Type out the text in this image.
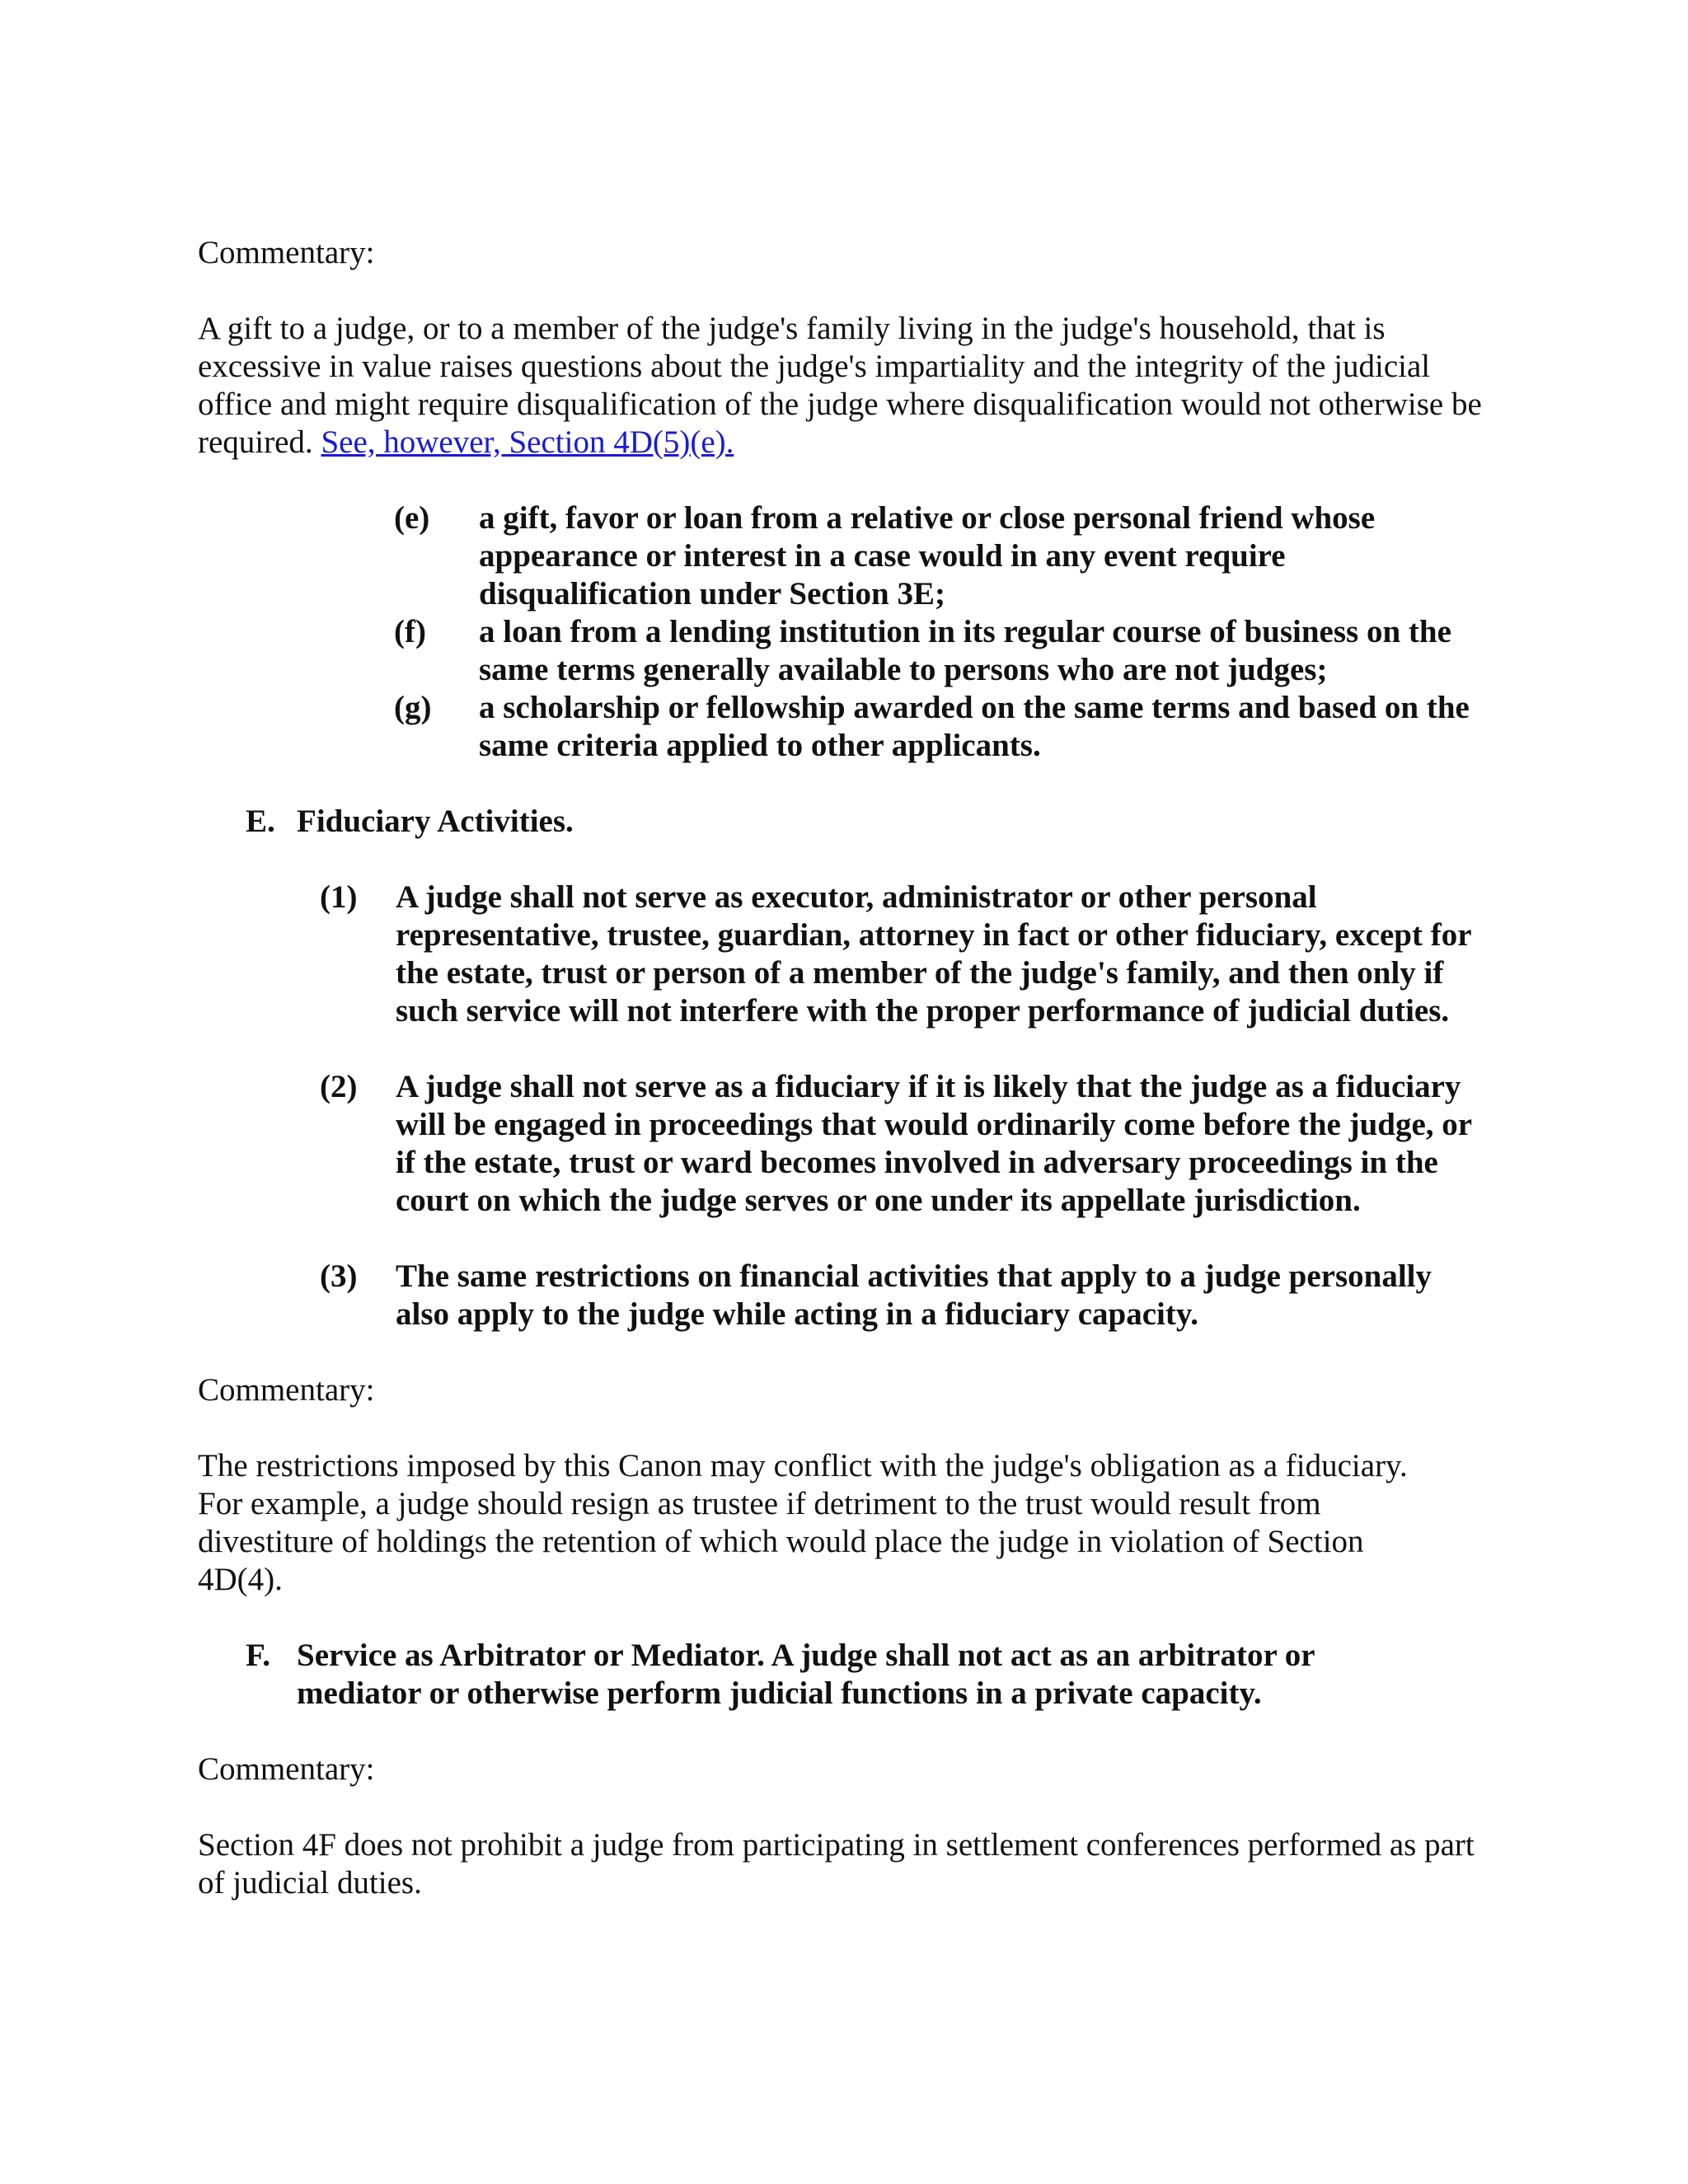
Commentary:

A gift to a judge, or to a member of the judge's family living in the judge's household, that is excessive in value raises questions about the judge's impartiality and the integrity of the judicial office and might require disqualification of the judge where disqualification would not otherwise be required. See, however, Section 4D(5)(e).

(e) a gift, favor or loan from a relative or close personal friend whose appearance or interest in a case would in any event require disqualification under Section 3E;
(f) a loan from a lending institution in its regular course of business on the same terms generally available to persons who are not judges;
(g) a scholarship or fellowship awarded on the same terms and based on the same criteria applied to other applicants.
E. Fiduciary Activities.
(1) A judge shall not serve as executor, administrator or other personal representative, trustee, guardian, attorney in fact or other fiduciary, except for the estate, trust or person of a member of the judge's family, and then only if such service will not interfere with the proper performance of judicial duties.
(2) A judge shall not serve as a fiduciary if it is likely that the judge as a fiduciary will be engaged in proceedings that would ordinarily come before the judge, or if the estate, trust or ward becomes involved in adversary proceedings in the court on which the judge serves or one under its appellate jurisdiction.
(3) The same restrictions on financial activities that apply to a judge personally also apply to the judge while acting in a fiduciary capacity.

Commentary:

The restrictions imposed by this Canon may conflict with the judge's obligation as a fiduciary. For example, a judge should resign as trustee if detriment to the trust would result from divestiture of holdings the retention of which would place the judge in violation of Section 4D(4).

F. Service as Arbitrator or Mediator. A judge shall not act as an arbitrator or mediator or otherwise perform judicial functions in a private capacity.

Commentary:

Section 4F does not prohibit a judge from participating in settlement conferences performed as part of judicial duties.
